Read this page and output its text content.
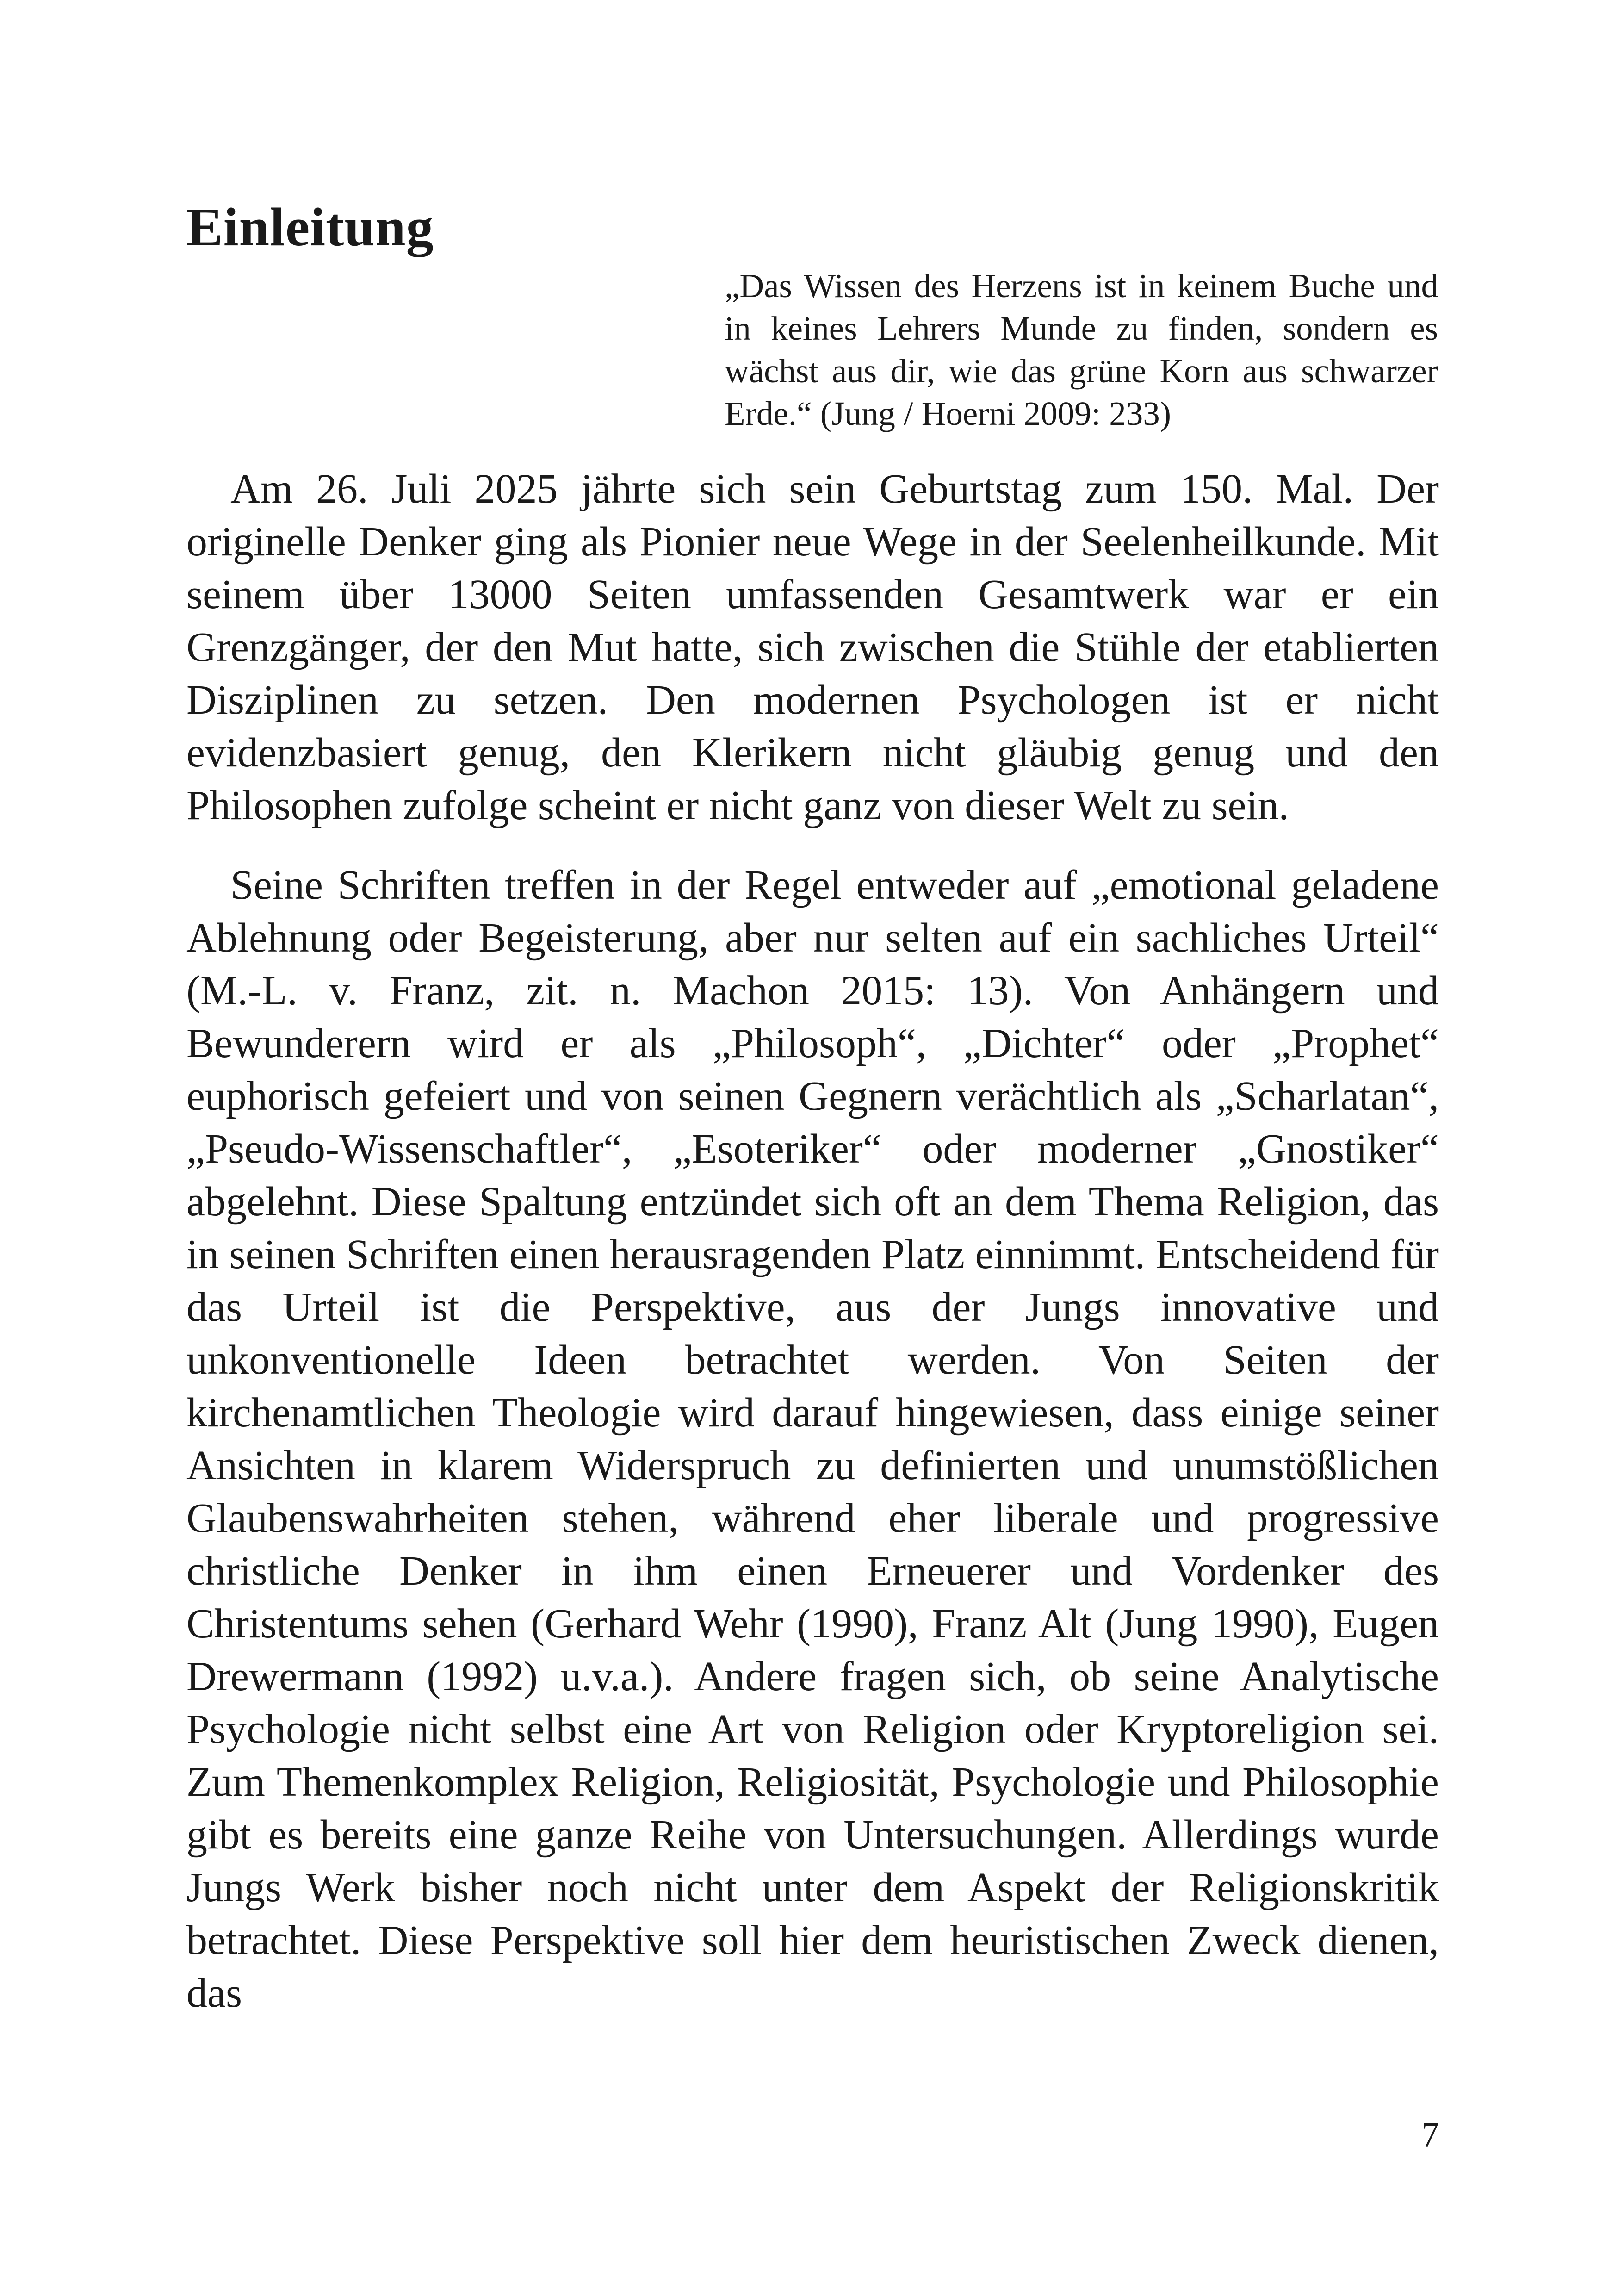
Einleitung
„Das Wissen des Herzens ist in keinem Buche und in keines Lehrers Munde zu finden, sondern es wächst aus dir, wie das grüne Korn aus schwarzer Erde.“ (Jung / Hoerni 2009: 233)

Am 26. Juli 2025 jährte sich sein Geburtstag zum 150. Mal. Der originelle Denker ging als Pionier neue Wege in der Seelenheilkunde. Mit seinem über 13000 Seiten umfassenden Gesamtwerk war er ein Grenzgänger, der den Mut hatte, sich zwischen die Stühle der etablierten Disziplinen zu setzen. Den modernen Psychologen ist er nicht evidenzbasiert genug, den Klerikern nicht gläubig genug und den Philosophen zufolge scheint er nicht ganz von dieser Welt zu sein.

Seine Schriften treffen in der Regel entweder auf „emotional geladene Ablehnung oder Begeisterung, aber nur selten auf ein sachliches Urteil“ (M.-L. v. Franz, zit. n. Machon 2015: 13). Von Anhängern und Bewunderern wird er als „Philosoph“, „Dichter“ oder „Prophet“ euphorisch gefeiert und von seinen Gegnern verächtlich als „Scharlatan“, „Pseudo-Wissenschaftler“, „Esoteriker“ oder moderner „Gnostiker“ abgelehnt. Diese Spaltung entzündet sich oft an dem Thema Religion, das in seinen Schriften einen herausragenden Platz einnimmt. Entscheidend für das Urteil ist die Perspektive, aus der Jungs innovative und unkonventionelle Ideen betrachtet werden. Von Seiten der kirchenamtlichen Theologie wird darauf hingewiesen, dass einige seiner Ansichten in klarem Widerspruch zu definierten und unumstößlichen Glaubenswahrheiten stehen, während eher liberale und progressive christliche Denker in ihm einen Erneuerer und Vordenker des Christentums sehen (Gerhard Wehr (1990), Franz Alt (Jung 1990), Eugen Drewermann (1992) u.v.a.). Andere fragen sich, ob seine Analytische Psychologie nicht selbst eine Art von Religion oder Kryptoreligion sei. Zum Themenkomplex Religion, Religiosität, Psychologie und Philosophie gibt es bereits eine ganze Reihe von Untersuchungen. Allerdings wurde Jungs Werk bisher noch nicht unter dem Aspekt der Religionskritik betrachtet. Diese Perspektive soll hier dem heuristischen Zweck dienen, das

7
